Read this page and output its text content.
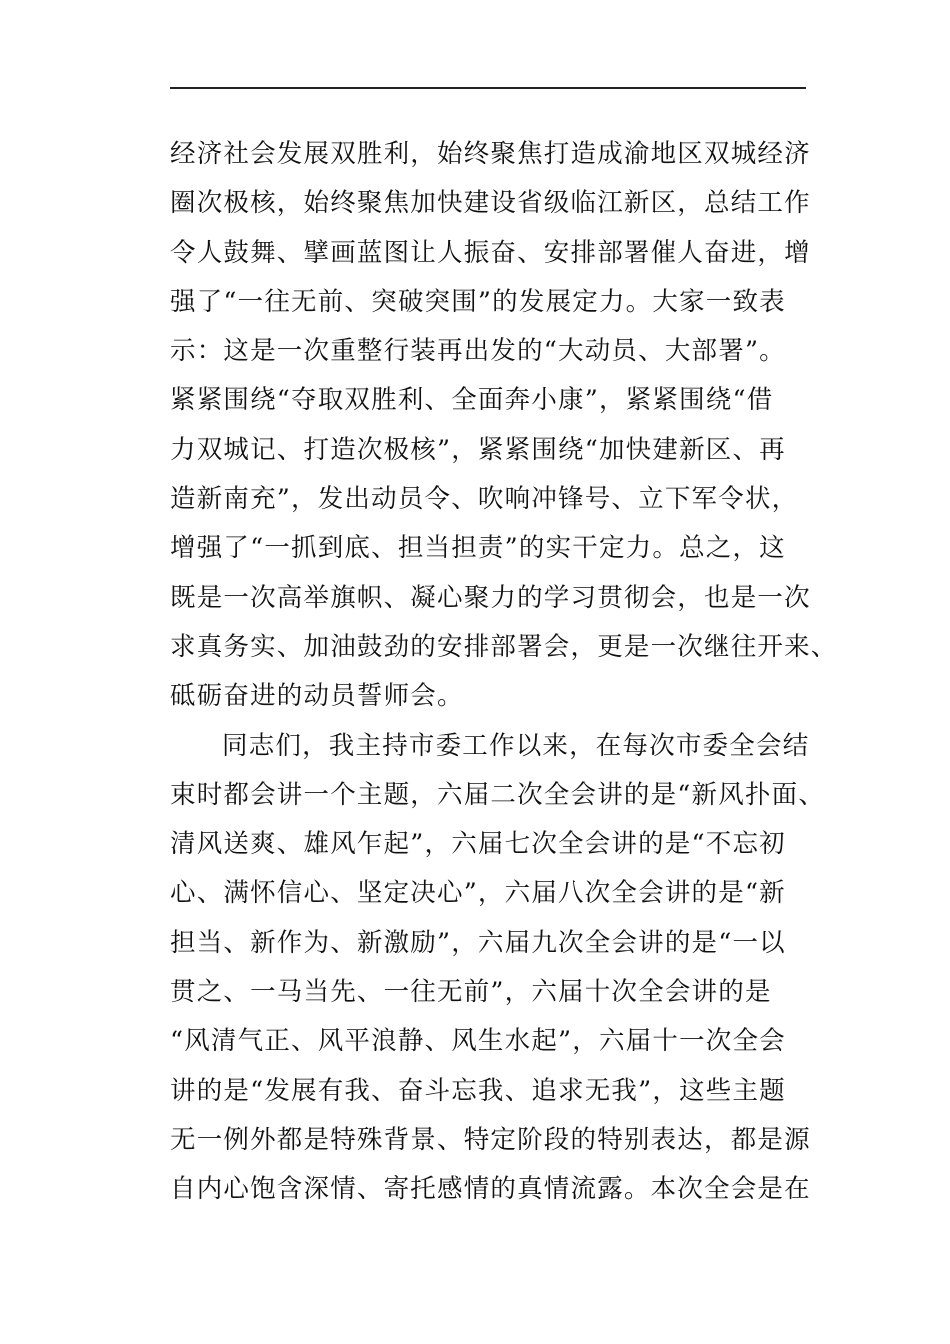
经济社会发展双胜利，始终聚焦打造成渝地区双城经济
圈次极核，始终聚焦加快建设省级临江新区，总结工作
令人鼓舞、擘画蓝图让人振奋、安排部署催人奋进，增
强了“一往无前、突破突围”的发展定力。大家一致表
示：这是一次重整行装再出发的“大动员、大部署”。
紧紧围绕“夺取双胜利、全面奔小康”，紧紧围绕“借
力双城记、打造次极核”，紧紧围绕“加快建新区、再
造新南充”，发出动员令、吹响冲锋号、立下军令状，
增强了“一抓到底、担当担责”的实干定力。总之，这
既是一次高举旗帜、凝心聚力的学习贯彻会，也是一次
求真务实、加油鼓劲的安排部署会，更是一次继往开来、
砥砺奋进的动员誓师会。
同志们，我主持市委工作以来，在每次市委全会结
束时都会讲一个主题，六届二次全会讲的是“新风扑面、
清风送爽、雄风乍起”，六届七次全会讲的是“不忘初
心、满怀信心、坚定决心”，六届八次全会讲的是“新
担当、新作为、新激励”，六届九次全会讲的是“一以
贯之、一马当先、一往无前”，六届十次全会讲的是
“风清气正、风平浪静、风生水起”，六届十一次全会
讲的是“发展有我、奋斗忘我、追求无我”，这些主题
无一例外都是特殊背景、特定阶段的特别表达，都是源
自内心饱含深情、寄托感情的真情流露。本次全会是在
